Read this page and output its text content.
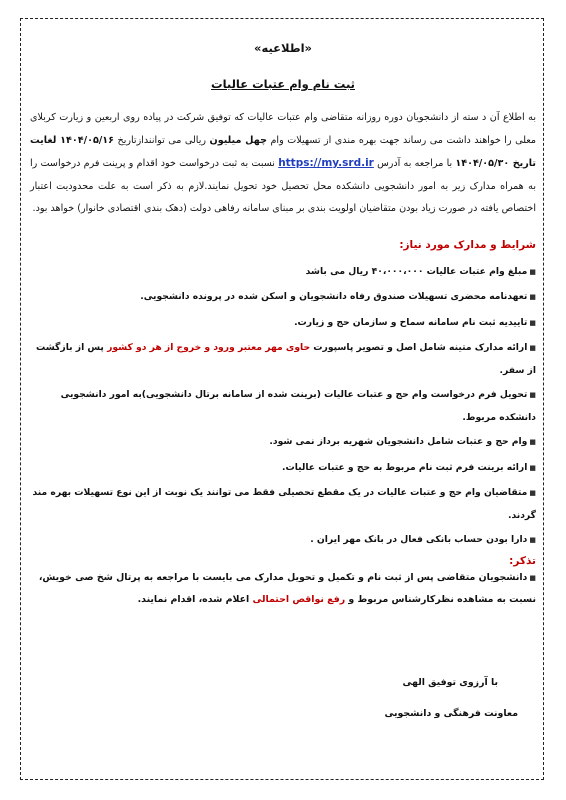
«اطلاعیه»
ثبت نام وام عتبات عالیات
به اطلاع آن د سته از دانشجویان دوره روزانه متقاضی وام عتبات عالیات که توفیق شرکت در پیاده روی اربعین و زیارت کربلای معلی را خواهند داشت می رساند جهت بهره مندی از تسهیلات وام چهل میلیون ریالی می توانندازتاریخ ۱۴۰۴/۰۵/۱۶ لغایت تاریخ ۱۴۰۴/۰۵/۳۰ با مراجعه به آدرس https://my.srd.ir نسبت به ثبت درخواست خود اقدام و پرینت فرم درخواست را به همراه مدارک زیر به امور دانشجویی دانشکده محل تحصیل خود تحویل نمایند.لازم به ذکر است به علت محدودیت اعتبار اختصاص یافته در صورت زیاد بودن متقاضیان اولویت بندی بر مبنای سامانه رفاهی دولت (دهک بندی اقتصادی خانوار) خواهد بود.
شرایط و مدارک مورد نیاز:
■مبلغ وام عتبات عالیات ۴۰،۰۰۰،۰۰۰ ریال می باشد
■تعهدنامه محضری تسهیلات صندوق رفاه دانشجویان و اسکن شده در پرونده دانشجویی.
■تاییدیه ثبت نام سامانه سماح و سازمان حج و زیارت.
■ارائه مدارک متینه شامل اصل و تصویر پاسپورت حاوی مهر معتبر ورود و خروج از هر دو کشور پس از بازگشت از سفر.
■تحویل فرم درخواست وام حج و عتبات عالیات (برینت شده از سامانه برتال دانشجویی)به امور دانشجویی دانشکده مربوط.
■وام حج و عتبات شامل دانشجویان شهریه برداز نمی شود.
■ارائه برینت فرم ثبت نام مربوط به حج و عتبات عالیات.
■متقاضیان وام حج و عتبات عالیات در یک مقطع تحصیلی فقط می توانند یک نوبت از این نوع تسهیلات بهره مند گردند.
■دارا بودن حساب بانکی فعال در بانک مهر ایران .
تذکر:
■دانشجویان متقاضی پس از ثبت نام و تکمیل و تحویل مدارک می بایست با مراجعه به پرتال شخ صی خویش، نسبت به مشاهده نظرکارشناس مربوط و رفع نواقص احتمالی اعلام شده، اقدام نمایند.
با آرزوی توفیق الهی
معاونت فرهنگی و دانشجویی
